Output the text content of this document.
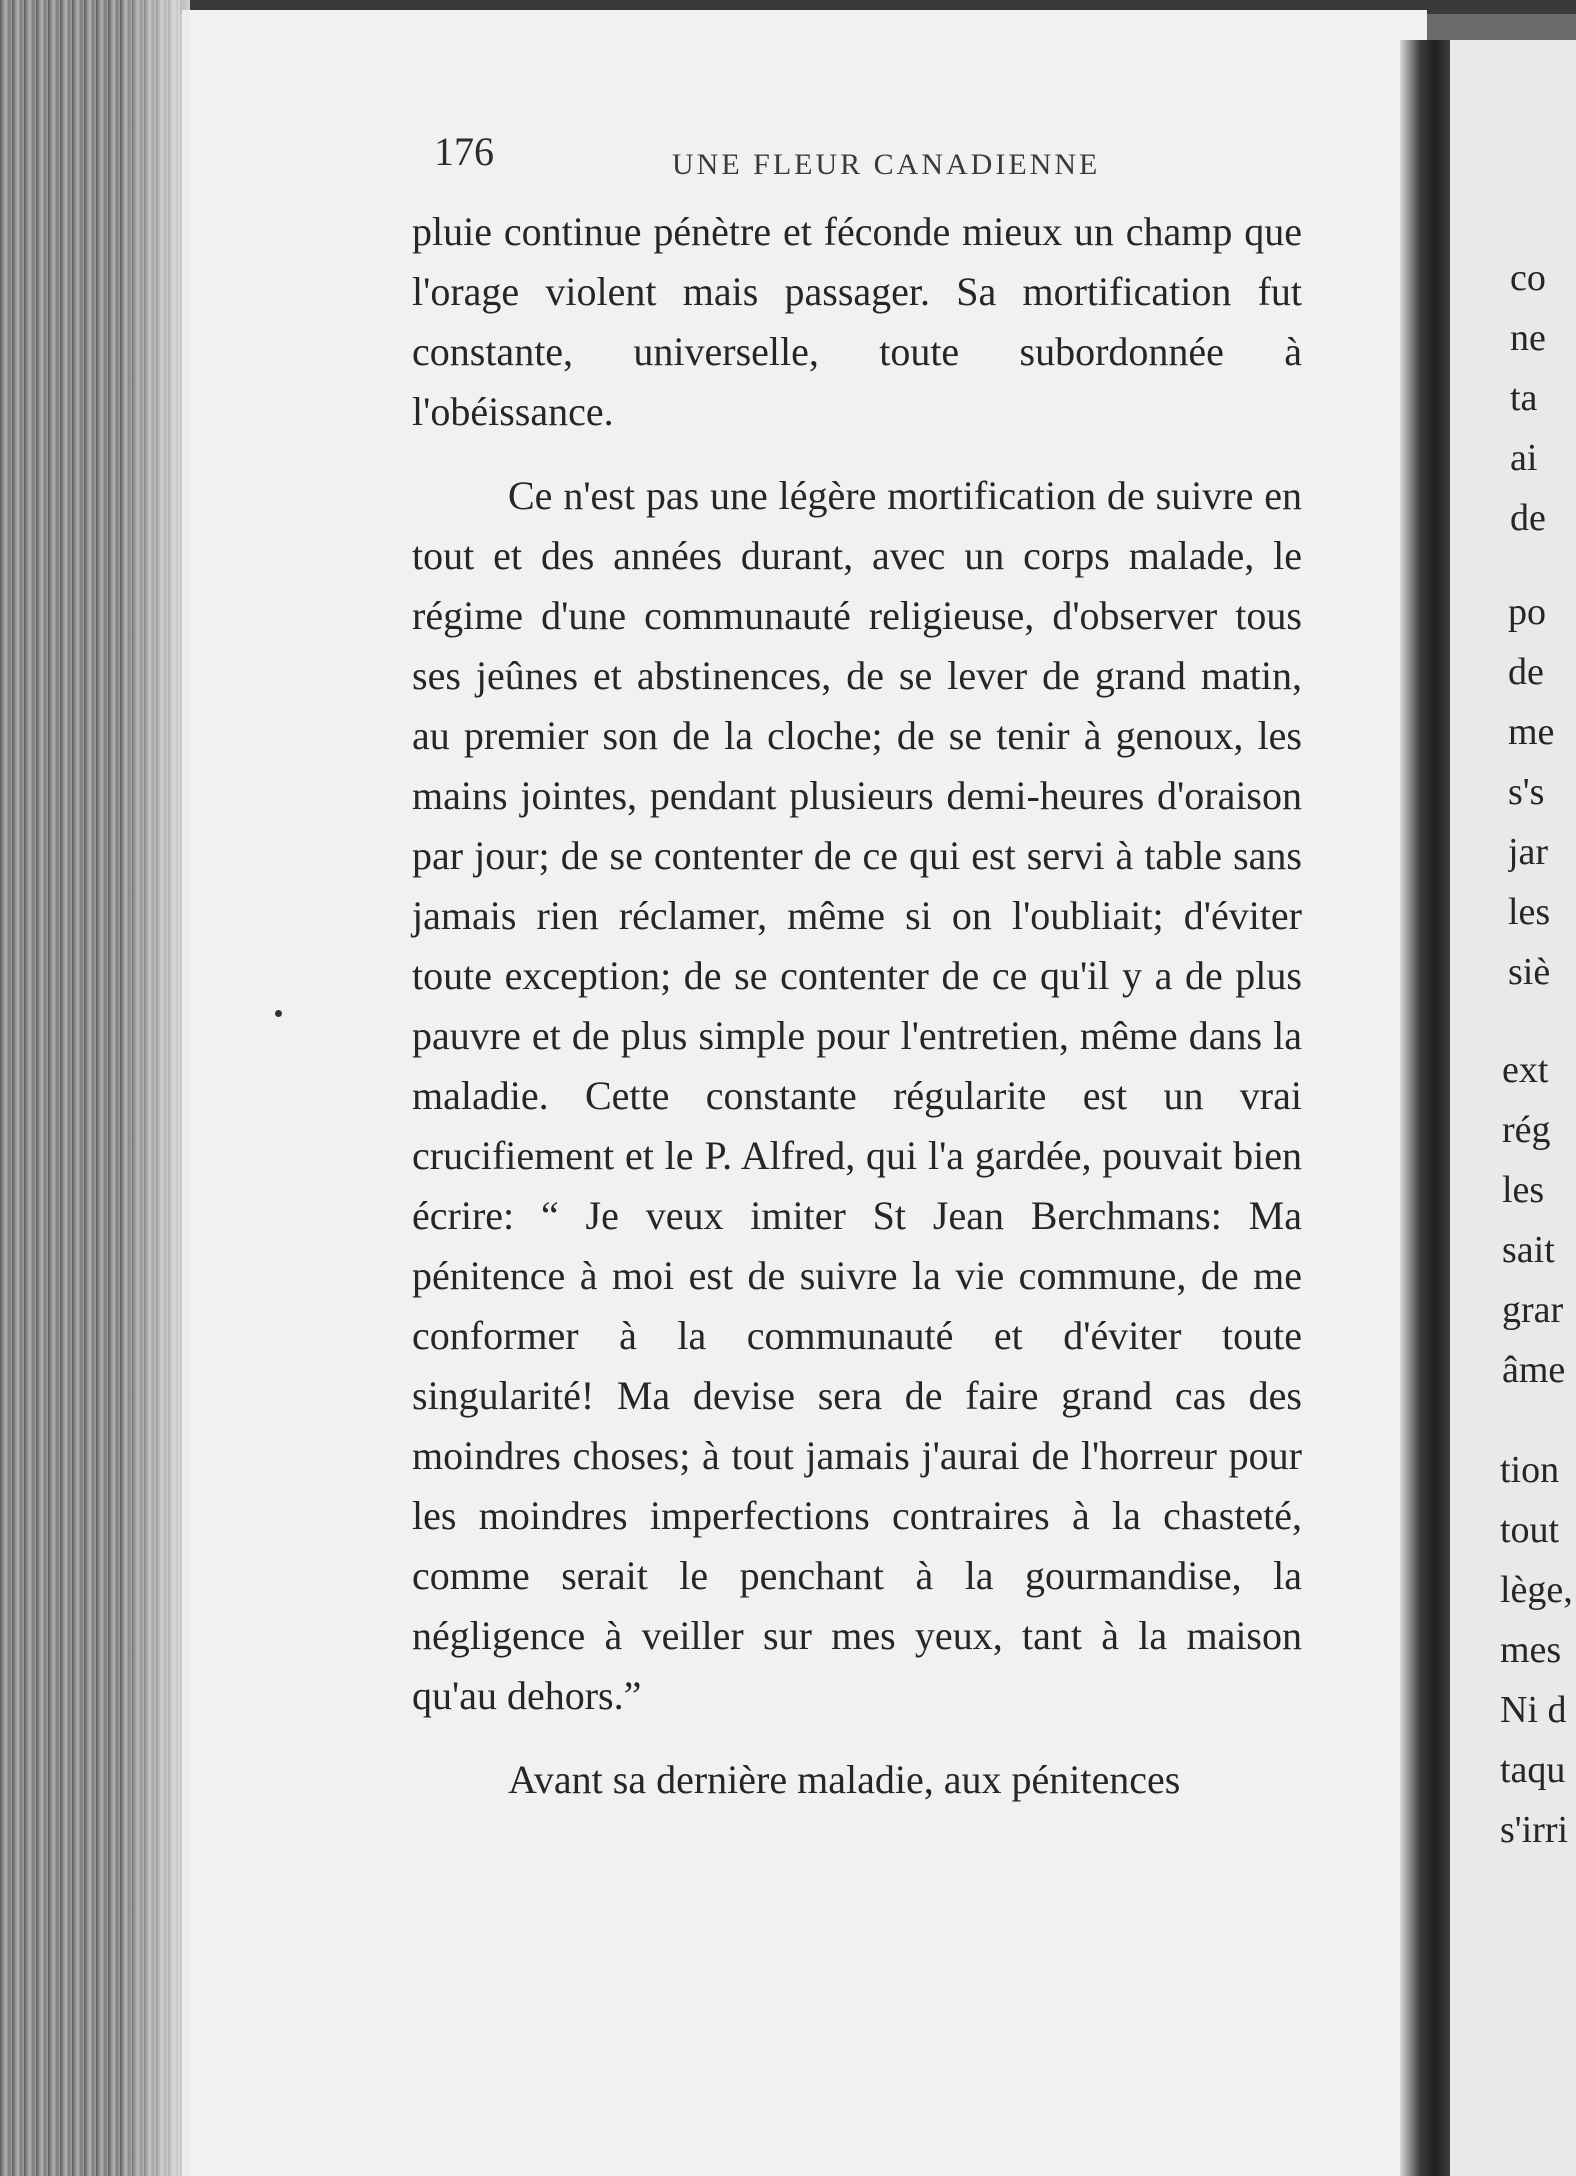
176	UNE FLEUR CANADIENNE

pluie continue pénètre et féconde mieux un champ que l'orage violent mais passager. Sa mortification fut constante, universelle, toute subordonnée à l'obéissance.

Ce n'est pas une légère mortification de suivre en tout et des années durant, avec un corps malade, le régime d'une communauté religieuse, d'observer tous ses jeûnes et abstinences, de se lever de grand matin, au premier son de la cloche; de se tenir à genoux, les mains jointes, pendant plusieurs demi-heures d'oraison par jour; de se contenter de ce qui est servi à table sans jamais rien réclamer, même si on l'oubliait; d'éviter toute exception; de se contenter de ce qu'il y a de plus pauvre et de plus simple pour l'entretien, même dans la maladie. Cette constante régularite est un vrai crucifiement et le P. Alfred, qui l'a gardée, pouvait bien écrire: “ Je veux imiter St Jean Berchmans: Ma pénitence à moi est de suivre la vie commune, de me conformer à la communauté et d'éviter toute singularité! Ma devise sera de faire grand cas des moindres choses; à tout jamais j'aurai de l'horreur pour les moindres imperfections contraires à la chasteté, comme serait le penchant à la gourmandise, la négligence à veiller sur mes yeux, tant à la maison qu'au dehors.”

Avant sa dernière maladie, aux pénitences

co
ne
ta
ai
de
po
de
me
s's
jar
les
siè
ext
rég
les
sait
grar
âme
tion
tout
lège,
mes
Ni d
taqu
s'irri
